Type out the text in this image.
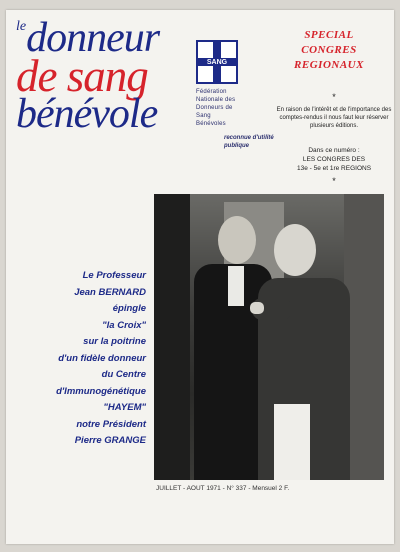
$^{le}$donneur
de sang
bénévole
SANG
Fédération
Nationale des
Donneurs de
Sang
Bénévoles
reconnue d'utilité publique
SPECIAL
CONGRES
REGIONAUX
*
En raison de l'intérêt et de l'importance des comptes-rendus il nous faut leur réserver plusieurs éditions.
Dans ce numéro :
LES CONGRES DES
13e - 5e et 1re REGIONS
*
Le Professeur
Jean BERNARD
épingle
"la Croix"
sur la poitrine
d'un fidèle donneur
du Centre
d'Immunogénétique
"HAYEM"
notre Président
Pierre GRANGE
JUILLET - AOUT 1971 - N° 337 - Mensuel 2 F.
